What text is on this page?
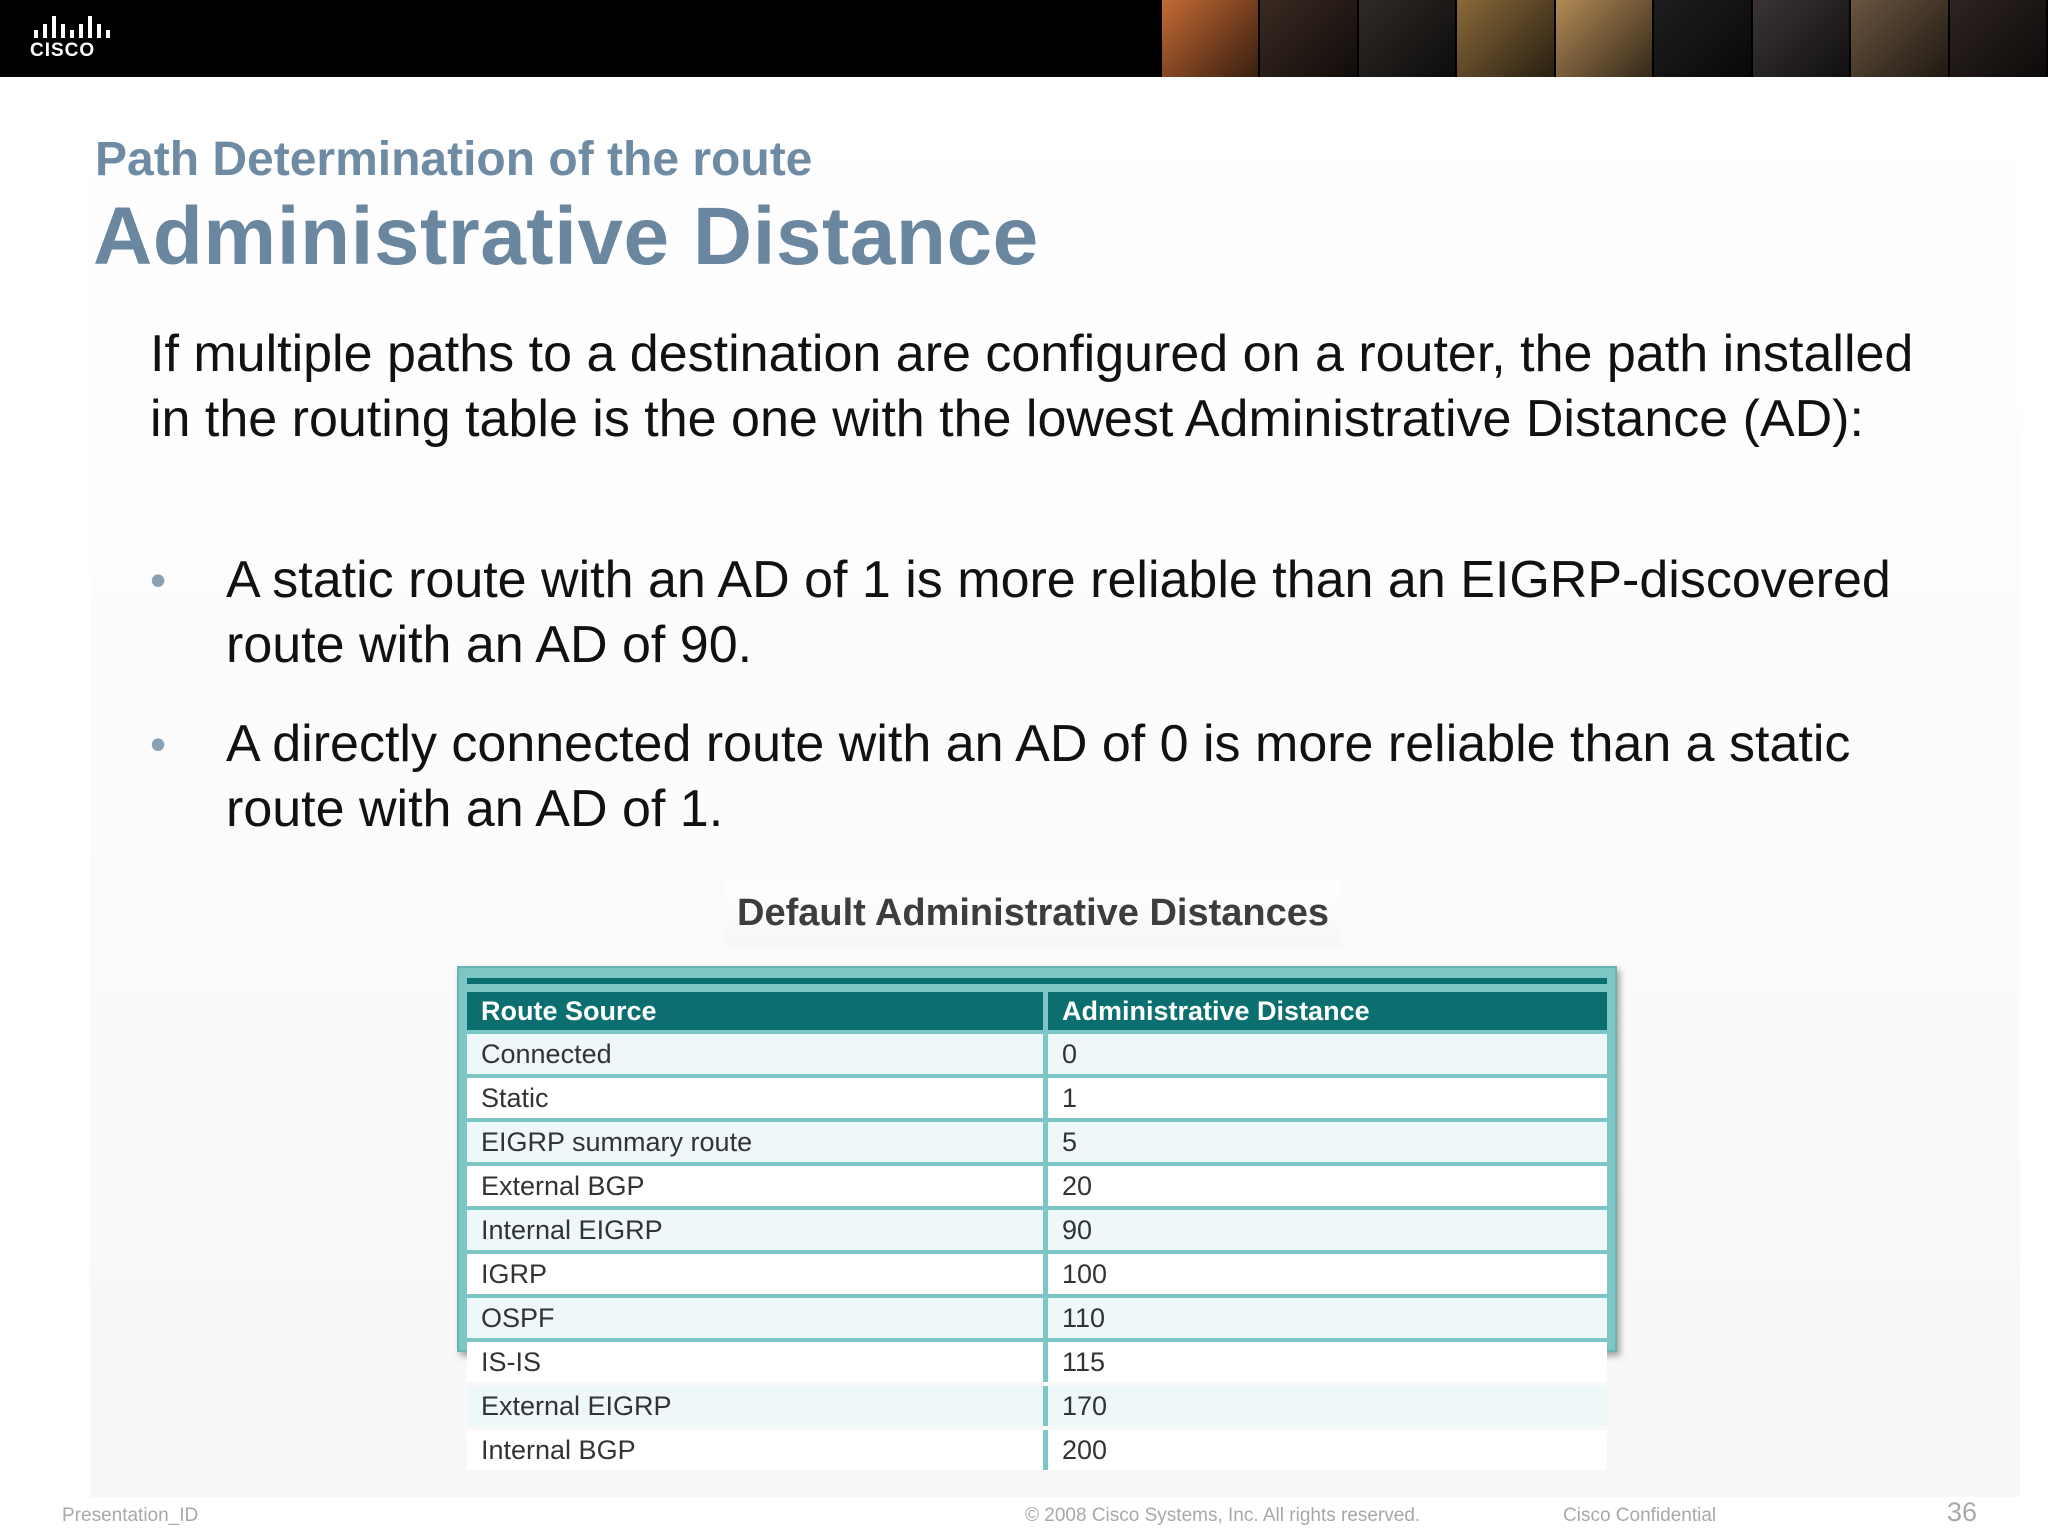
CISCO
Path Determination of the route
Administrative Distance
If multiple paths to a destination are configured on a router, the path installed in the routing table is the one with the lowest Administrative Distance (AD):
• A static route with an AD of 1 is more reliable than an EIGRP-discovered route with an AD of 90.
• A directly connected route with an AD of 0 is more reliable than a static route with an AD of 1.
Default Administrative Distances
Route Source	Administrative Distance
Connected	0
Static	1
EIGRP summary route	5
External BGP	20
Internal EIGRP	90
IGRP	100
OSPF	110
IS-IS	115
External EIGRP	170
Internal BGP	200
Presentation_ID	© 2008 Cisco Systems, Inc. All rights reserved.	Cisco Confidential	36
